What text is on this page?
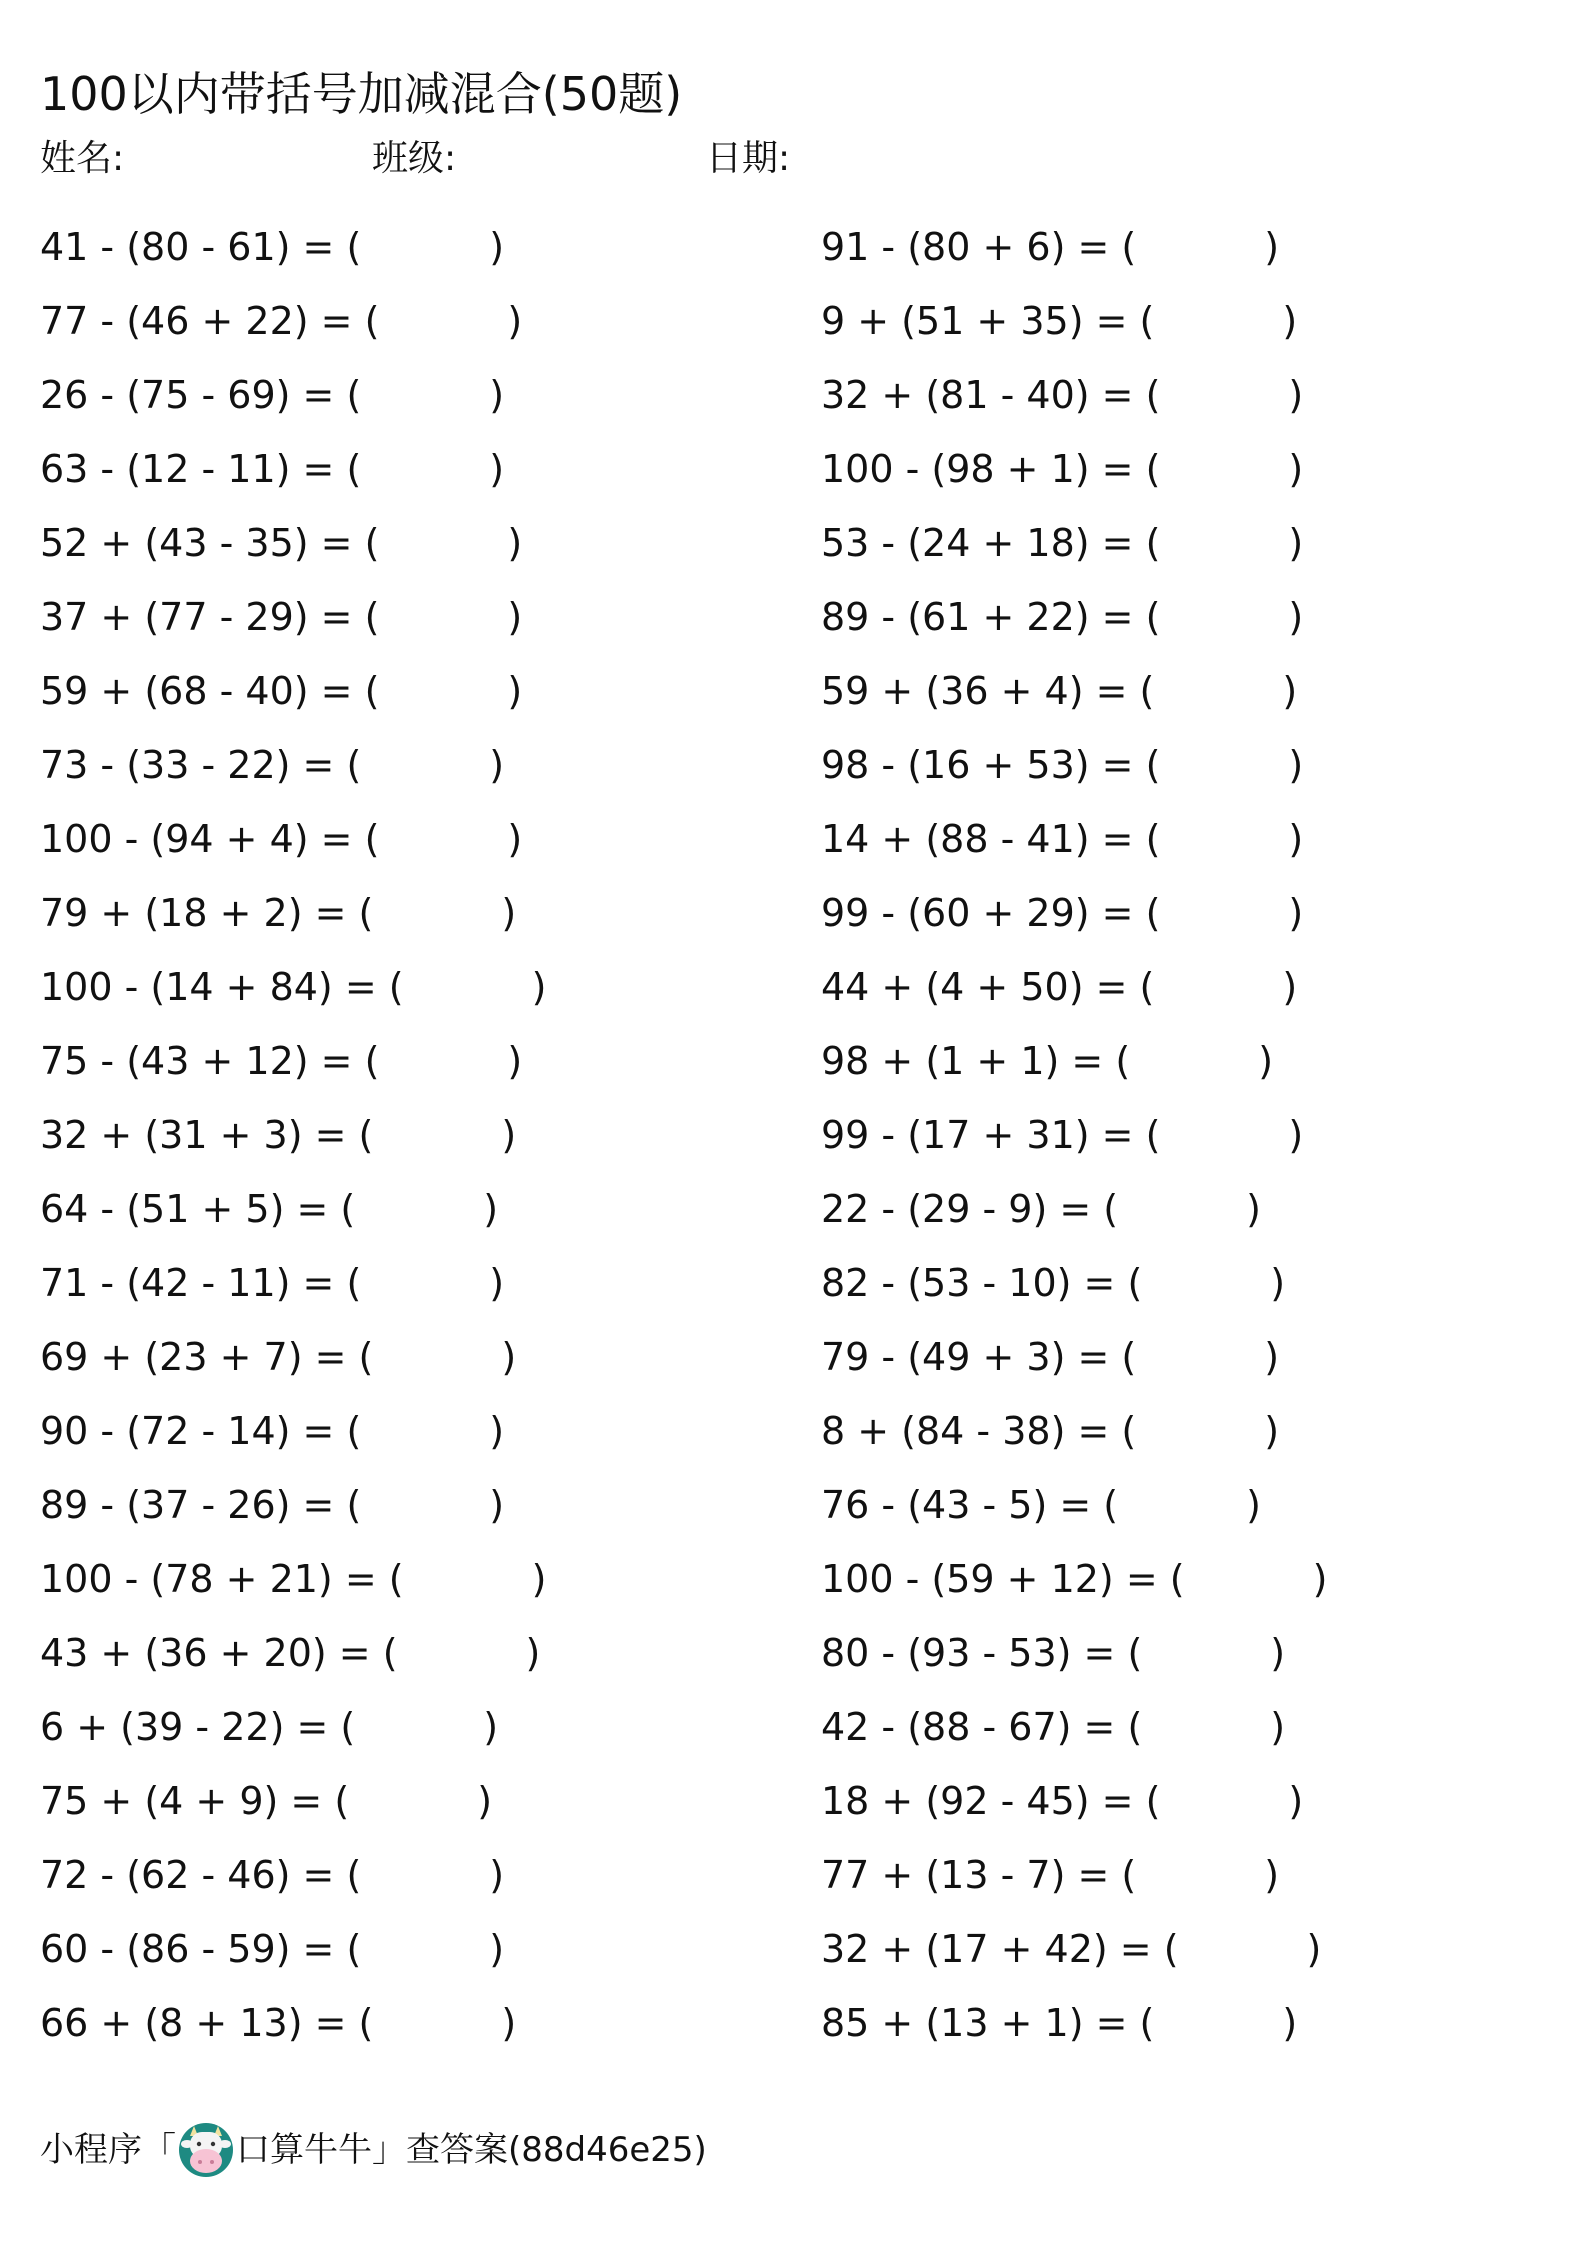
100以内带括号加减混合(50题)
姓名:	班级:	日期:
41 - (80 - 61) = (	)
77 - (46 + 22) = (	)
26 - (75 - 69) = (	)
63 - (12 - 11) = (	)
52 + (43 - 35) = (	)
37 + (77 - 29) = (	)
59 + (68 - 40) = (	)
73 - (33 - 22) = (	)
100 - (94 + 4) = (	)
79 + (18 + 2) = (	)
100 - (14 + 84) = (	)
75 - (43 + 12) = (	)
32 + (31 + 3) = (	)
64 - (51 + 5) = (	)
71 - (42 - 11) = (	)
69 + (23 + 7) = (	)
90 - (72 - 14) = (	)
89 - (37 - 26) = (	)
100 - (78 + 21) = (	)
43 + (36 + 20) = (	)
6 + (39 - 22) = (	)
75 + (4 + 9) = (	)
72 - (62 - 46) = (	)
60 - (86 - 59) = (	)
66 + (8 + 13) = (	)
91 - (80 + 6) = (	)
9 + (51 + 35) = (	)
32 + (81 - 40) = (	)
100 - (98 + 1) = (	)
53 - (24 + 18) = (	)
89 - (61 + 22) = (	)
59 + (36 + 4) = (	)
98 - (16 + 53) = (	)
14 + (88 - 41) = (	)
99 - (60 + 29) = (	)
44 + (4 + 50) = (	)
98 + (1 + 1) = (	)
99 - (17 + 31) = (	)
22 - (29 - 9) = (	)
82 - (53 - 10) = (	)
79 - (49 + 3) = (	)
8 + (84 - 38) = (	)
76 - (43 - 5) = (	)
100 - (59 + 12) = (	)
80 - (93 - 53) = (	)
42 - (88 - 67) = (	)
18 + (92 - 45) = (	)
77 + (13 - 7) = (	)
32 + (17 + 42) = (	)
85 + (13 + 1) = (	)
小程序「 口算牛牛 」查答案(88d46e25)
